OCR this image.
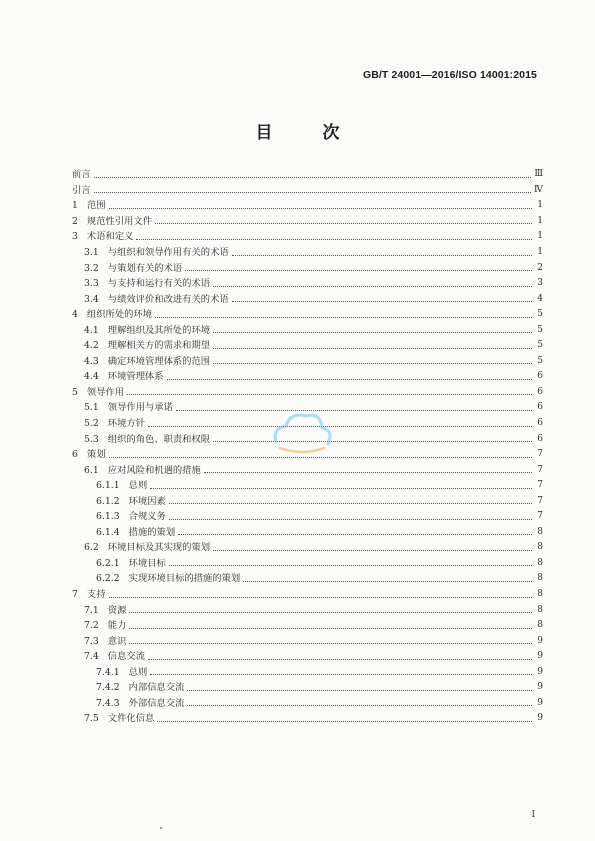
GB/T 24001—2016/ISO 14001:2015
目 次
前言	Ⅲ
引言	Ⅳ
1 范围	1
2 规范性引用文件	1
3 术语和定义	1
3.1 与组织和领导作用有关的术语	1
3.2 与策划有关的术语	2
3.3 与支持和运行有关的术语	3
3.4 与绩效评价和改进有关的术语	4
4 组织所处的环境	5
4.1 理解组织及其所处的环境	5
4.2 理解相关方的需求和期望	5
4.3 确定环境管理体系的范围	5
4.4 环境管理体系	6
5 领导作用	6
5.1 领导作用与承诺	6
5.2 环境方针	6
5.3 组织的角色、职责和权限	6
6 策划	7
6.1 应对风险和机遇的措施	7
6.1.1 总则	7
6.1.2 环境因素	7
6.1.3 合规义务	7
6.1.4 措施的策划	8
6.2 环境目标及其实现的策划	8
6.2.1 环境目标	8
6.2.2 实现环境目标的措施的策划	8
7 支持	8
7.1 资源	8
7.2 能力	8
7.3 意识	9
7.4 信息交流	9
7.4.1 总则	9
7.4.2 内部信息交流	9
7.4.3 外部信息交流	9
7.5 文件化信息	9
I
